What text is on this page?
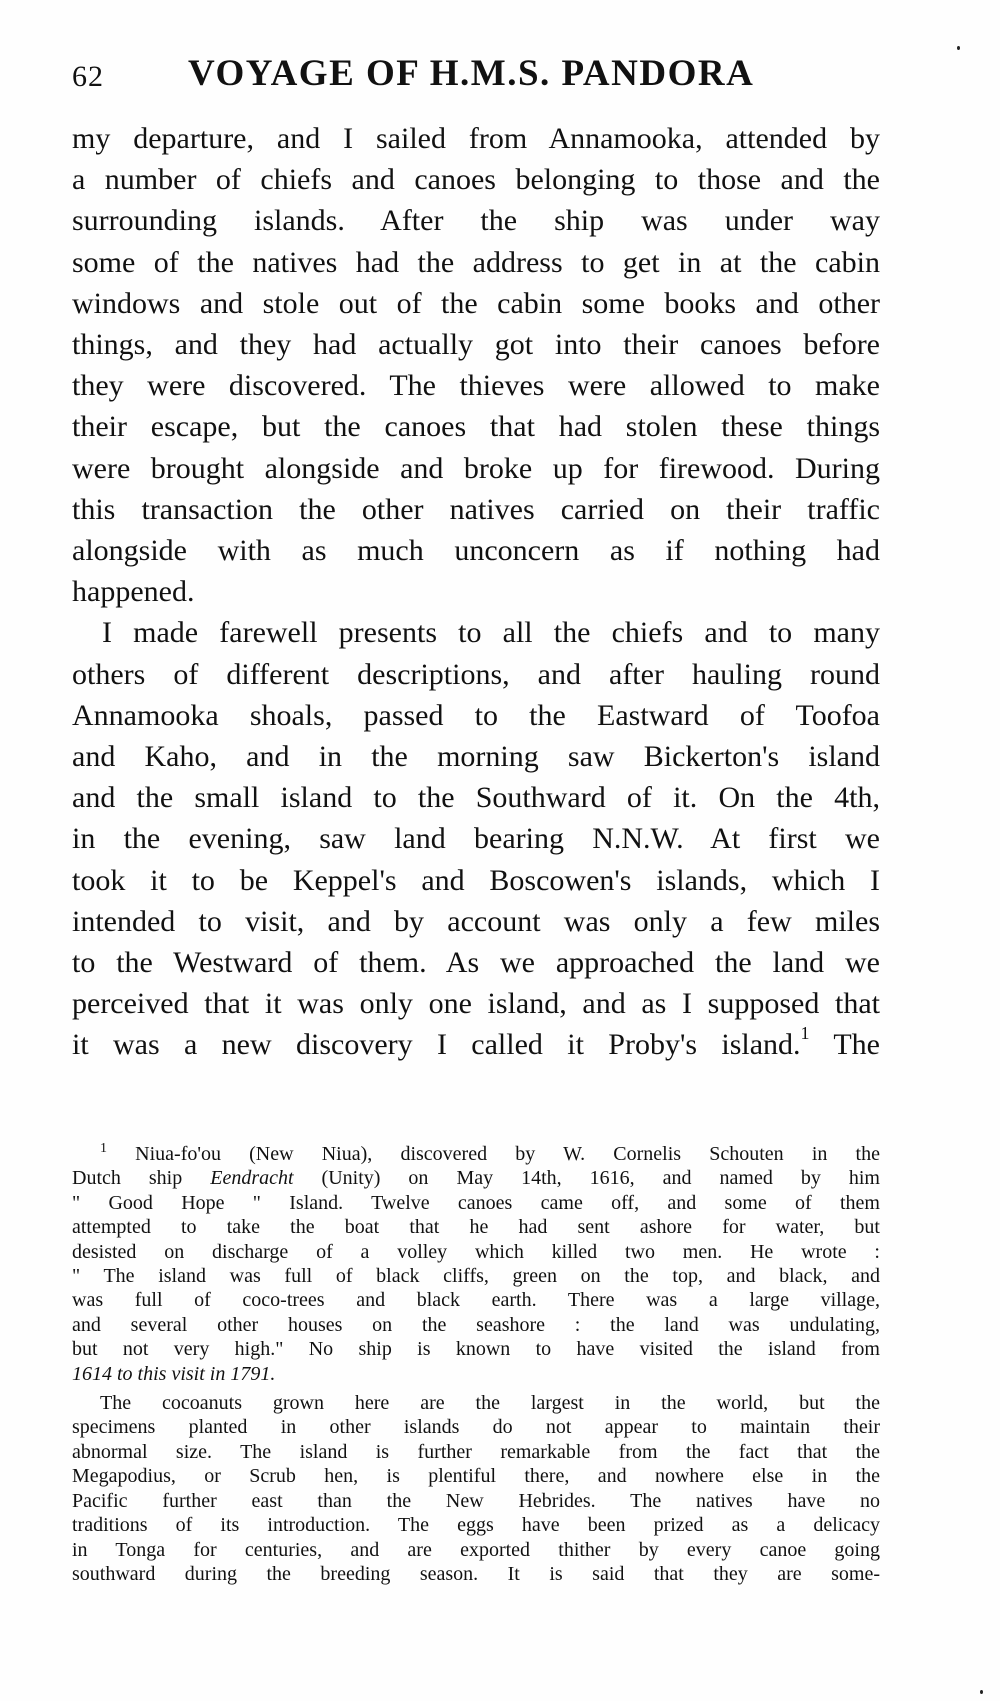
62 VOYAGE OF H.M.S. PANDORA

my departure, and I sailed from Annamooka, attended by
a number of chiefs and canoes belonging to those and the
surrounding islands. After the ship was under way
some of the natives had the address to get in at the cabin
windows and stole out of the cabin some books and other
things, and they had actually got into their canoes before
they were discovered. The thieves were allowed to make
their escape, but the canoes that had stolen these things
were brought alongside and broke up for firewood. During
this transaction the other natives carried on their traffic
alongside with as much unconcern as if nothing had
happened.

I made farewell presents to all the chiefs and to many
others of different descriptions, and after hauling round
Annamooka shoals, passed to the Eastward of Toofoa
and Kaho, and in the morning saw Bickerton's island
and the small island to the Southward of it. On the 4th,
in the evening, saw land bearing N.N.W. At first we
took it to be Keppel's and Boscowen's islands, which I
intended to visit, and by account was only a few miles
to the Westward of them. As we approached the land we
perceived that it was only one island, and as I supposed that
it was a new discovery I called it Proby's island.$^1$ The

$^1$ Niua-fo'ou (New Niua), discovered by W. Cornelis Schouten in the
Dutch ship Eendracht (Unity) on May 14th, 1616, and named by him
" Good Hope " Island. Twelve canoes came off, and some of them
attempted to take the boat that he had sent ashore for water, but
desisted on discharge of a volley which killed two men. He wrote :
" The island was full of black cliffs, green on the top, and black, and
was full of coco-trees and black earth. There was a large village,
and several other houses on the seashore : the land was undulating,
but not very high." No ship is known to have visited the island from
1614 to this visit in 1791.

The cocoanuts grown here are the largest in the world, but the
specimens planted in other islands do not appear to maintain their
abnormal size. The island is further remarkable from the fact that the
Megapodius, or Scrub hen, is plentiful there, and nowhere else in the
Pacific further east than the New Hebrides. The natives have no
traditions of its introduction. The eggs have been prized as a delicacy
in Tonga for centuries, and are exported thither by every canoe going
southward during the breeding season. It is said that they are some-
